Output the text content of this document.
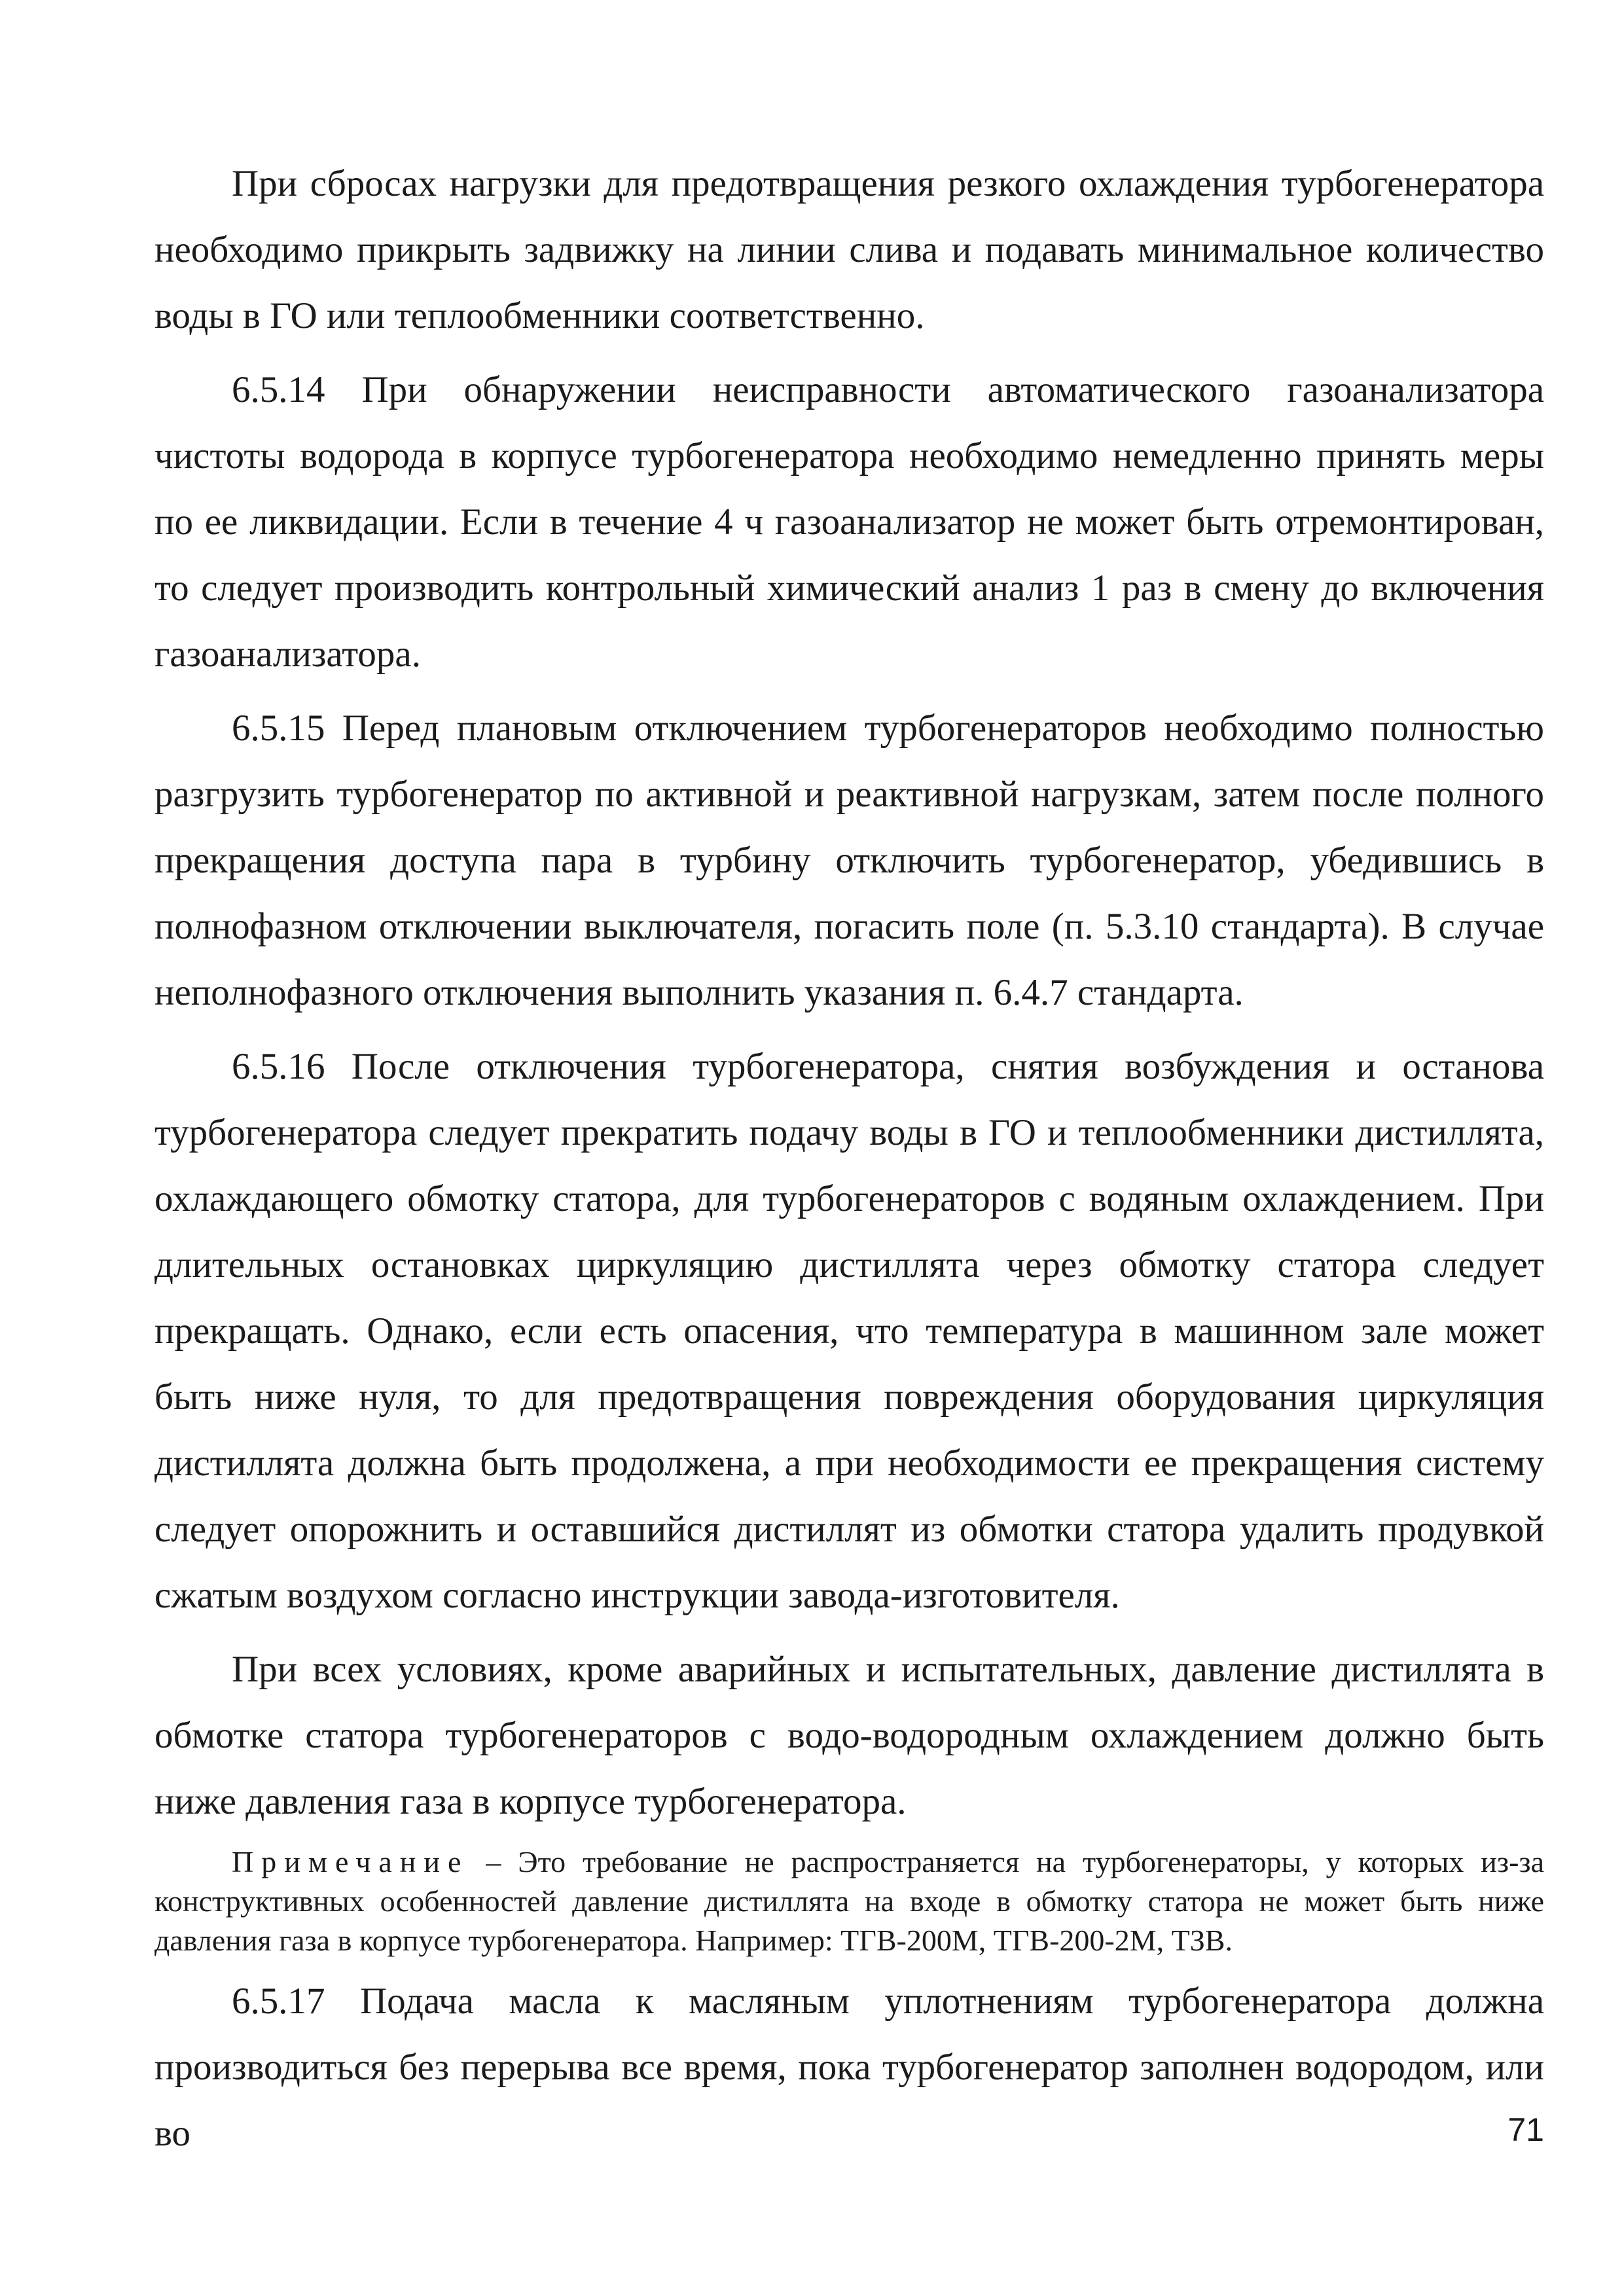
При сбросах нагрузки для предотвращения резкого охлаждения турбогенератора необходимо прикрыть задвижку на линии слива и подавать минимальное количество воды в ГО или теплообменники соответственно.

6.5.14 При обнаружении неисправности автоматического газоанализатора чистоты водорода в корпусе турбогенератора необходимо немедленно принять меры по ее ликвидации. Если в течение 4 ч газоанализатор не может быть отремонтирован, то следует производить контрольный химический анализ 1 раз в смену до включения газоанализатора.

6.5.15 Перед плановым отключением турбогенераторов необходимо полностью разгрузить турбогенератор по активной и реактивной нагрузкам, затем после полного прекращения доступа пара в турбину отключить турбогенератор, убедившись в полнофазном отключении выключателя, погасить поле (п. 5.3.10 стандарта). В случае неполнофазного отключения выполнить указания п. 6.4.7 стандарта.

6.5.16 После отключения турбогенератора, снятия возбуждения и останова турбогенератора следует прекратить подачу воды в ГО и теплообменники дистиллята, охлаждающего обмотку статора, для турбогенераторов с водяным охлаждением. При длительных остановках циркуляцию дистиллята через обмотку статора следует прекращать. Однако, если есть опасения, что температура в машинном зале может быть ниже нуля, то для предотвращения повреждения оборудования циркуляция дистиллята должна быть продолжена, а при необходимости ее прекращения систему следует опорожнить и оставшийся дистиллят из обмотки статора удалить продувкой сжатым воздухом согласно инструкции завода-изготовителя.

При всех условиях, кроме аварийных и испытательных, давление дистиллята в обмотке статора турбогенераторов с водо-водородным охлаждением должно быть ниже давления газа в корпусе турбогенератора.

Примечание – Это требование не распространяется на турбогенераторы, у которых из-за конструктивных особенностей давление дистиллята на входе в обмотку статора не может быть ниже давления газа в корпусе турбогенератора. Например: ТГВ-200М, ТГВ-200-2М, ТЗВ.

6.5.17 Подача масла к масляным уплотнениям турбогенератора должна производиться без перерыва все время, пока турбогенератор заполнен водородом, или во	71
